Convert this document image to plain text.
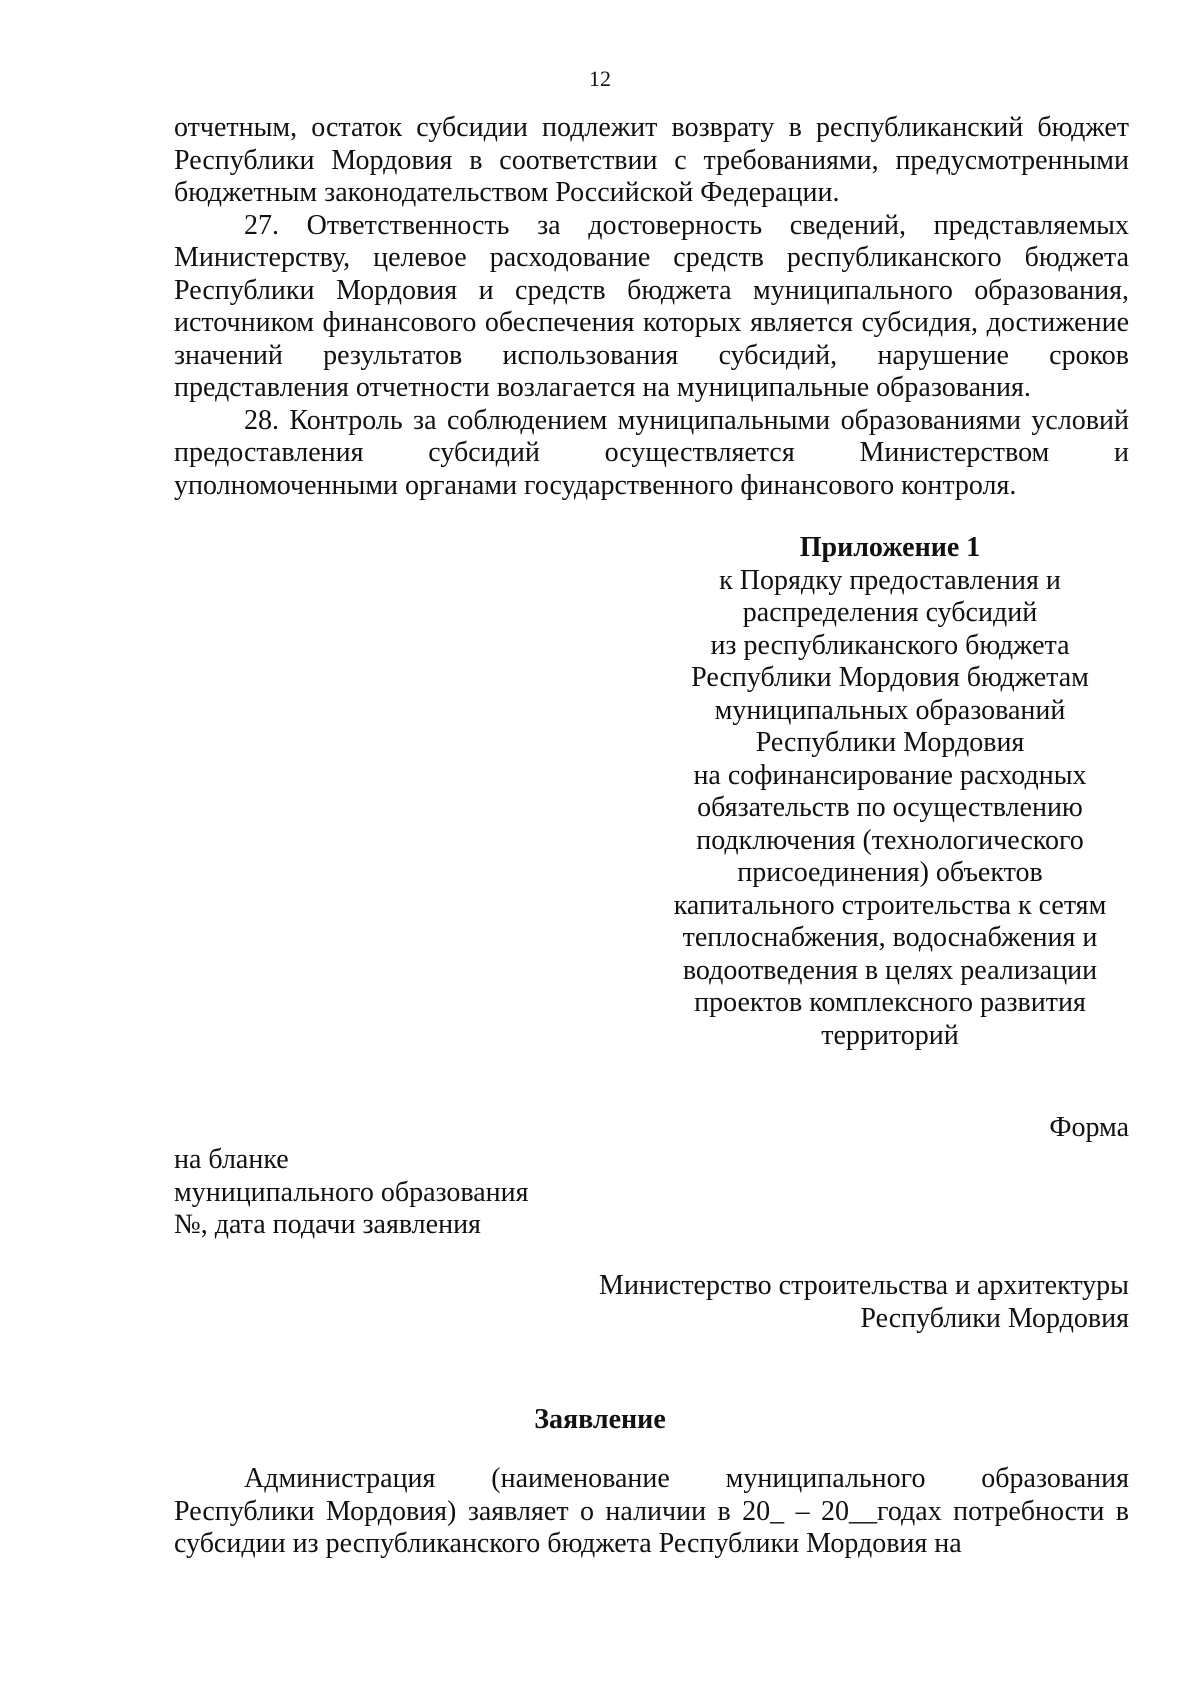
12

отчетным, остаток субсидии подлежит возврату в республиканский бюджет Республики Мордовия в соответствии с требованиями, предусмотренными бюджетным законодательством Российской Федерации.

27. Ответственность за достоверность сведений, представляемых Министерству, целевое расходование средств республиканского бюджета Республики Мордовия и средств бюджета муниципального образования, источником финансового обеспечения которых является субсидия, достижение значений результатов использования субсидий, нарушение сроков представления отчетности возлагается на муниципальные образования.

28. Контроль за соблюдением муниципальными образованиями условий предоставления субсидий осуществляется Министерством и уполномоченными органами государственного финансового контроля.

Приложение 1
к Порядку предоставления и
распределения субсидий
из республиканского бюджета
Республики Мордовия бюджетам
муниципальных образований
Республики Мордовия
на софинансирование расходных
обязательств по осуществлению
подключения (технологического
присоединения) объектов
капитального строительства к сетям
теплоснабжения, водоснабжения и
водоотведения в целях реализации
проектов комплексного развития
территорий
Форма
на бланке
муниципального образования
№, дата подачи заявления
Министерство строительства и архитектуры
Республики Мордовия
Заявление

Администрация (наименование муниципального образования Республики Мордовия) заявляет о наличии в 20_ – 20__годах потребности в субсидии из республиканского бюджета Республики Мордовия на
